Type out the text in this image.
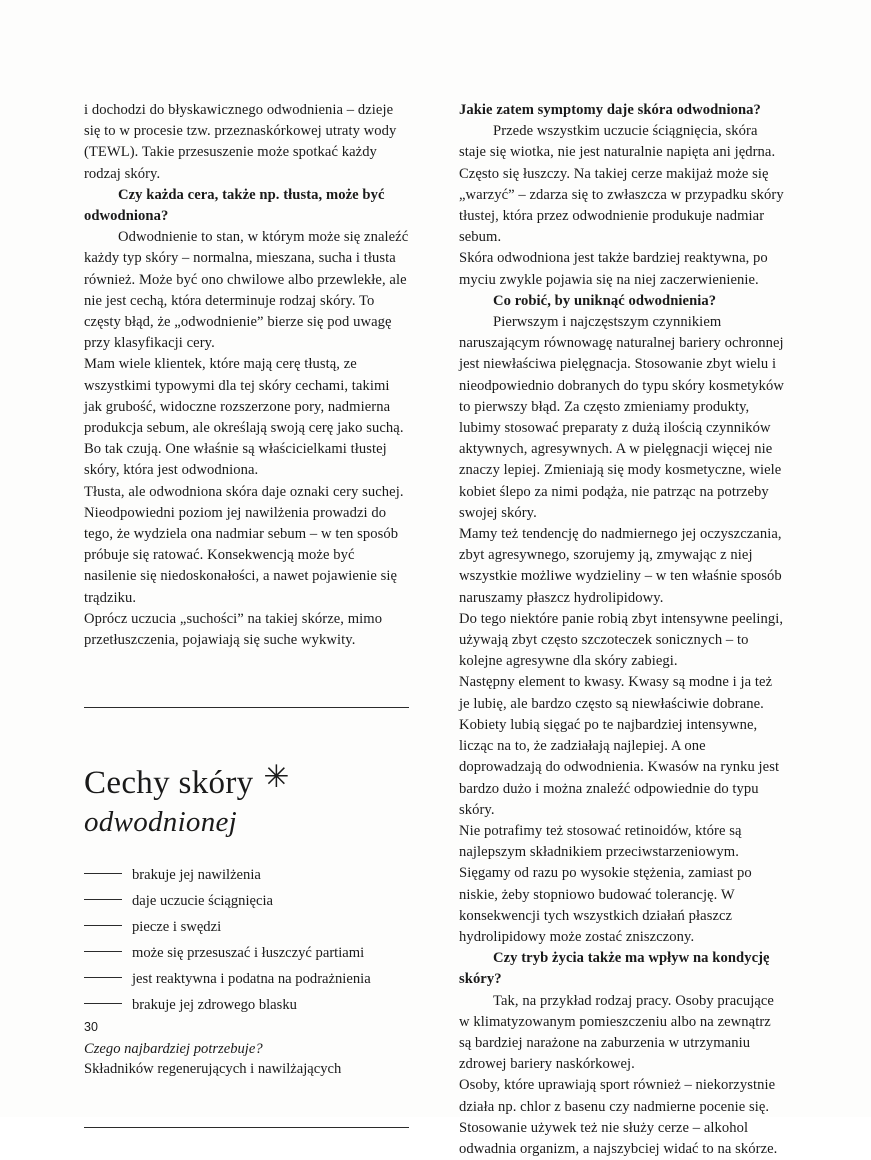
i dochodzi do błyskawicznego odwodnienia – dzieje się to w procesie tzw. przeznaskórkowej utraty wody (TEWL). Takie przesuszenie może spotkać każdy rodzaj skóry.

Czy każda cera, także np. tłusta, może być odwodniona?

Odwodnienie to stan, w którym może się znaleźć każdy typ skóry – normalna, mieszana, sucha i tłusta również. Może być ono chwilowe albo przewlekłe, ale nie jest cechą, która determinuje rodzaj skóry. To częsty błąd, że „odwodnienie” bierze się pod uwagę przy klasyfikacji cery.

Mam wiele klientek, które mają cerę tłustą, ze wszystkimi typowymi dla tej skóry cechami, takimi jak grubość, widoczne rozszerzone pory, nadmierna produkcja sebum, ale określają swoją cerę jako suchą. Bo tak czują. One właśnie są właścicielkami tłustej skóry, która jest odwodniona.

Tłusta, ale odwodniona skóra daje oznaki cery suchej. Nieodpowiedni poziom jej nawilżenia prowadzi do tego, że wydziela ona nadmiar sebum – w ten sposób próbuje się ratować. Konsekwencją może być nasilenie się niedoskonałości, a nawet pojawienie się trądziku.

Oprócz uczucia „suchości” na takiej skórze, mimo przetłuszczenia, pojawiają się suche wykwity.

Cechy skóry ✳
odwodnionej
brakuje jej nawilżenia
daje uczucie ściągnięcia
piecze i swędzi
może się przesuszać i łuszczyć partiami
jest reaktywna i podatna na podrażnienia
brakuje jej zdrowego blasku
Czego najbardziej potrzebuje?
Składników regenerujących i nawilżających

Jakie zatem symptomy daje skóra odwodniona?

Przede wszystkim uczucie ściągnięcia, skóra staje się wiotka, nie jest naturalnie napięta ani jędrna. Często się łuszczy. Na takiej cerze makijaż może się „warzyć” – zdarza się to zwłaszcza w przypadku skóry tłustej, która przez odwodnienie produkuje nadmiar sebum.

Skóra odwodniona jest także bardziej reaktywna, po myciu zwykle pojawia się na niej zaczerwienienie.

Co robić, by uniknąć odwodnienia?

Pierwszym i najczęstszym czynnikiem naruszającym równowagę naturalnej bariery ochronnej jest niewłaściwa pielęgnacja. Stosowanie zbyt wielu i nieodpowiednio dobranych do typu skóry kosmetyków to pierwszy błąd. Za często zmieniamy produkty, lubimy stosować preparaty z dużą ilością czynników aktywnych, agresywnych. A w pielęgnacji więcej nie znaczy lepiej. Zmieniają się mody kosmetyczne, wiele kobiet ślepo za nimi podąża, nie patrząc na potrzeby swojej skóry.

Mamy też tendencję do nadmiernego jej oczyszczania, zbyt agresywnego, szorujemy ją, zmywając z niej wszystkie możliwe wydzieliny – w ten właśnie sposób naruszamy płaszcz hydrolipidowy.

Do tego niektóre panie robią zbyt intensywne peelingi, używają zbyt często szczoteczek sonicznych – to kolejne agresywne dla skóry zabiegi.

Następny element to kwasy. Kwasy są modne i ja też je lubię, ale bardzo często są niewłaściwie dobrane. Kobiety lubią sięgać po te najbardziej intensywne, licząc na to, że zadziałają najlepiej. A one doprowadzają do odwodnienia. Kwasów na rynku jest bardzo dużo i można znaleźć odpowiednie do typu skóry.

Nie potrafimy też stosować retinoidów, które są najlepszym składnikiem przeciwstarzeniowym. Sięgamy od razu po wysokie stężenia, zamiast po niskie, żeby stopniowo budować tolerancję. W konsekwencji tych wszystkich działań płaszcz hydrolipidowy może zostać zniszczony.

Czy tryb życia także ma wpływ na kondycję skóry?

Tak, na przykład rodzaj pracy. Osoby pracujące w klimatyzowanym pomieszczeniu albo na zewnątrz są bardziej narażone na zaburzenia w utrzymaniu zdrowej bariery naskórkowej.

Osoby, które uprawiają sport również – niekorzystnie działa np. chlor z basenu czy nadmierne pocenie się.

Stosowanie używek też nie służy cerze – alkohol odwadnia organizm, a najszybciej widać to na skórze.

30
